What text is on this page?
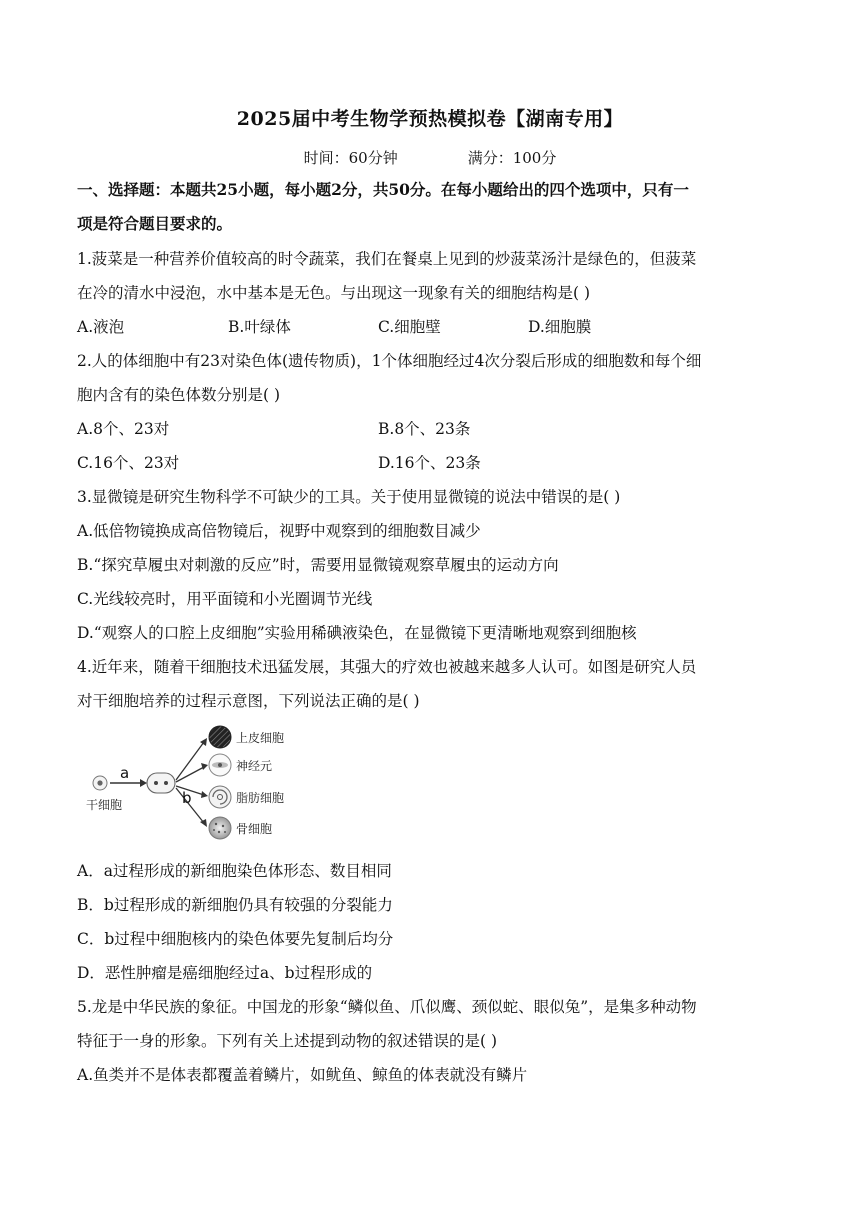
2025届中考生物学预热模拟卷【湖南专用】
时间：60分钟	满分：100分
一、选择题：本题共25小题，每小题2分，共50分。在每小题给出的四个选项中，只有一
项是符合题目要求的。
1.菠菜是一种营养价值较高的时令蔬菜，我们在餐桌上见到的炒菠菜汤汁是绿色的，但菠菜
在冷的清水中浸泡，水中基本是无色。与出现这一现象有关的细胞结构是( )
A.液泡	B.叶绿体	C.细胞壁	D.细胞膜
2.人的体细胞中有23对染色体(遗传物质)，1个体细胞经过4次分裂后形成的细胞数和每个细
胞内含有的染色体数分别是( )
A.8个、23对	B.8个、23条
C.16个、23对	D.16个、23条
3.显微镜是研究生物科学不可缺少的工具。关于使用显微镜的说法中错误的是( )
A.低倍物镜换成高倍物镜后，视野中观察到的细胞数目减少
B.“探究草履虫对刺激的反应”时，需要用显微镜观察草履虫的运动方向
C.光线较亮时，用平面镜和小光圈调节光线
D.“观察人的口腔上皮细胞”实验用稀碘液染色，在显微镜下更清晰地观察到细胞核
4.近年来，随着干细胞技术迅猛发展，其强大的疗效也被越来越多人认可。如图是研究人员
对干细胞培养的过程示意图，下列说法正确的是( )
干细胞
a
b
上皮细胞
神经元
脂肪细胞
骨细胞
A．a过程形成的新细胞染色体形态、数目相同
B．b过程形成的新细胞仍具有较强的分裂能力
C．b过程中细胞核内的染色体要先复制后均分
D．恶性肿瘤是癌细胞经过a、b过程形成的
5.龙是中华民族的象征。中国龙的形象“鳞似鱼、爪似鹰、颈似蛇、眼似兔”，是集多种动物
特征于一身的形象。下列有关上述提到动物的叙述错误的是( )
A.鱼类并不是体表都覆盖着鳞片，如鱿鱼、鲸鱼的体表就没有鳞片
